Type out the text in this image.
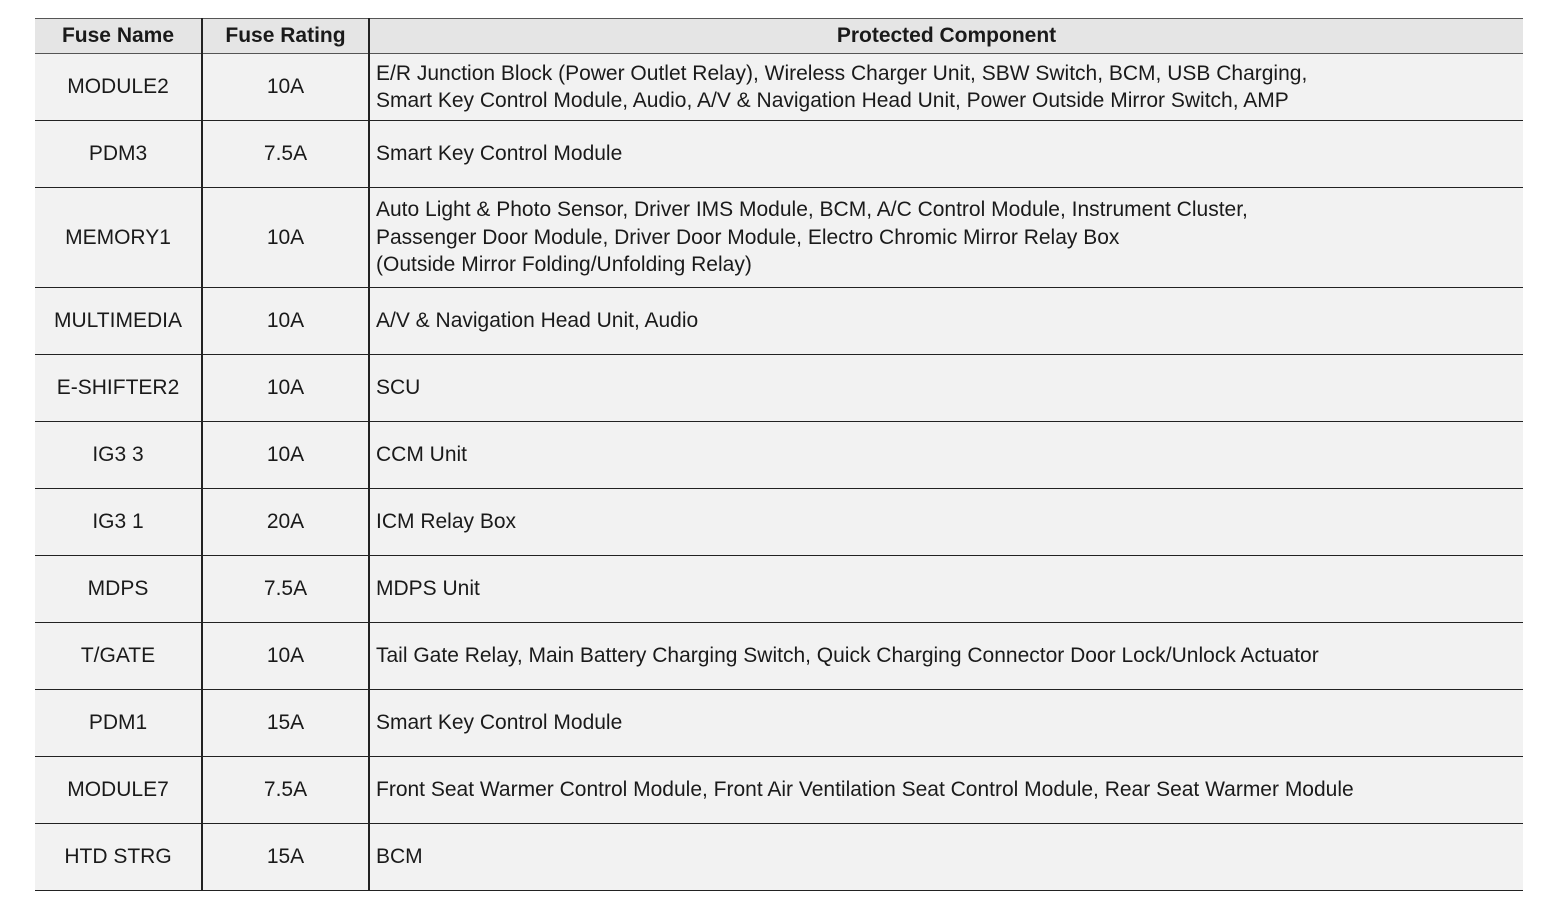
Fuse Name	Fuse Rating	Protected Component
MODULE2	10A	E/R Junction Block (Power Outlet Relay), Wireless Charger Unit, SBW Switch, BCM, USB Charging,
Smart Key Control Module, Audio, A/V & Navigation Head Unit, Power Outside Mirror Switch, AMP
PDM3	7.5A	Smart Key Control Module
MEMORY1	10A	Auto Light & Photo Sensor, Driver IMS Module, BCM, A/C Control Module, Instrument Cluster,
Passenger Door Module, Driver Door Module, Electro Chromic Mirror Relay Box
(Outside Mirror Folding/Unfolding Relay)
MULTIMEDIA	10A	A/V & Navigation Head Unit, Audio
E-SHIFTER2	10A	SCU
IG3 3	10A	CCM Unit
IG3 1	20A	ICM Relay Box
MDPS	7.5A	MDPS Unit
T/GATE	10A	Tail Gate Relay, Main Battery Charging Switch, Quick Charging Connector Door Lock/Unlock Actuator
PDM1	15A	Smart Key Control Module
MODULE7	7.5A	Front Seat Warmer Control Module, Front Air Ventilation Seat Control Module, Rear Seat Warmer Module
HTD STRG	15A	BCM
